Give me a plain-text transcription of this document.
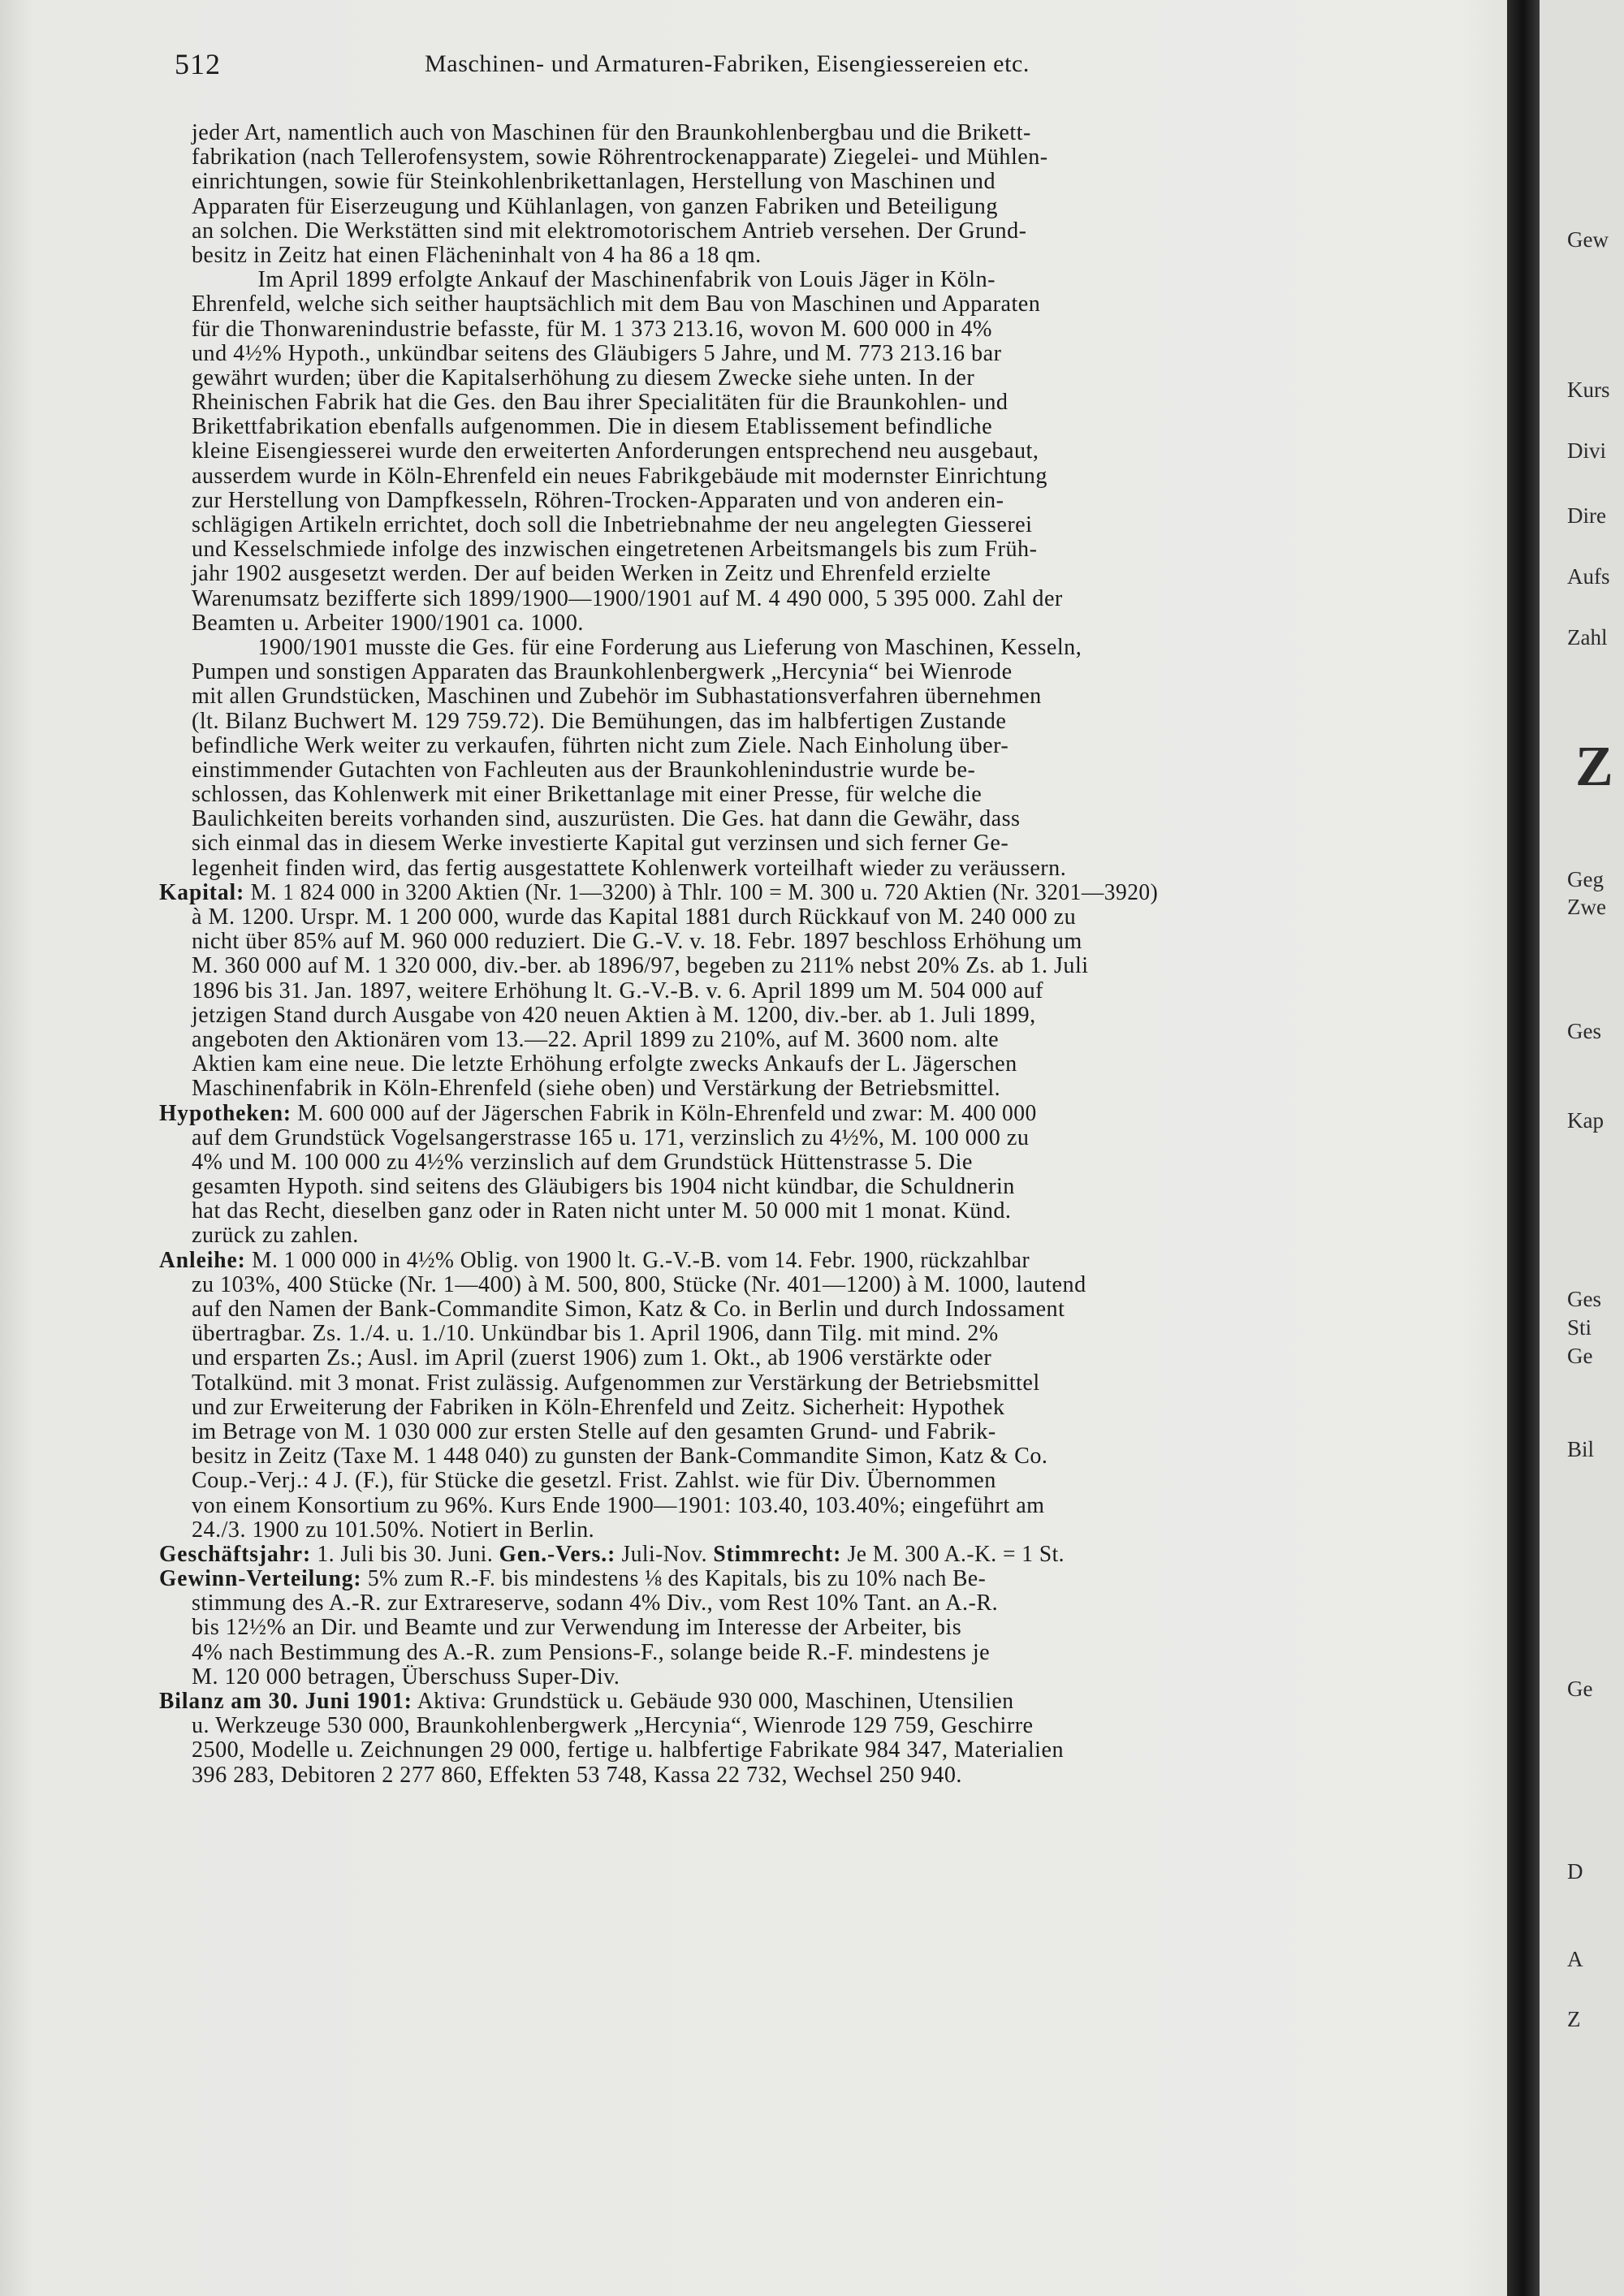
Gew
Kurs
Divi
Dire
Aufs
Zahl
Z
Geg
Zwe
Ges
Kap
Ges
Sti
Ge
Bil
Ge
D
A
Z
512	Maschinen- und Armaturen-Fabriken, Eisengiessereien etc.
jeder Art, namentlich auch von Maschinen für den Braunkohlenbergbau und die Brikett-
fabrikation (nach Tellerofensystem, sowie Röhrentrockenapparate) Ziegelei- und Mühlen-
einrichtungen, sowie für Steinkohlenbrikettanlagen, Herstellung von Maschinen und
Apparaten für Eiserzeugung und Kühlanlagen, von ganzen Fabriken und Beteiligung
an solchen. Die Werkstätten sind mit elektromotorischem Antrieb versehen. Der Grund-
besitz in Zeitz hat einen Flächeninhalt von 4 ha 86 a 18 qm.
Im April 1899 erfolgte Ankauf der Maschinenfabrik von Louis Jäger in Köln-
Ehrenfeld, welche sich seither hauptsächlich mit dem Bau von Maschinen und Apparaten
für die Thonwarenindustrie befasste, für M. 1 373 213.16, wovon M. 600 000 in 4%
und 4½% Hypoth., unkündbar seitens des Gläubigers 5 Jahre, und M. 773 213.16 bar
gewährt wurden; über die Kapitalserhöhung zu diesem Zwecke siehe unten. In der
Rheinischen Fabrik hat die Ges. den Bau ihrer Specialitäten für die Braunkohlen- und
Brikettfabrikation ebenfalls aufgenommen. Die in diesem Etablissement befindliche
kleine Eisengiesserei wurde den erweiterten Anforderungen entsprechend neu ausgebaut,
ausserdem wurde in Köln-Ehrenfeld ein neues Fabrikgebäude mit modernster Einrichtung
zur Herstellung von Dampfkesseln, Röhren-Trocken-Apparaten und von anderen ein-
schlägigen Artikeln errichtet, doch soll die Inbetriebnahme der neu angelegten Giesserei
und Kesselschmiede infolge des inzwischen eingetretenen Arbeitsmangels bis zum Früh-
jahr 1902 ausgesetzt werden. Der auf beiden Werken in Zeitz und Ehrenfeld erzielte
Warenumsatz bezifferte sich 1899/1900—1900/1901 auf M. 4 490 000, 5 395 000. Zahl der
Beamten u. Arbeiter 1900/1901 ca. 1000.
1900/1901 musste die Ges. für eine Forderung aus Lieferung von Maschinen, Kesseln,
Pumpen und sonstigen Apparaten das Braunkohlenbergwerk „Hercynia“ bei Wienrode
mit allen Grundstücken, Maschinen und Zubehör im Subhastationsverfahren übernehmen
(lt. Bilanz Buchwert M. 129 759.72). Die Bemühungen, das im halbfertigen Zustande
befindliche Werk weiter zu verkaufen, führten nicht zum Ziele. Nach Einholung über-
einstimmender Gutachten von Fachleuten aus der Braunkohlenindustrie wurde be-
schlossen, das Kohlenwerk mit einer Brikettanlage mit einer Presse, für welche die
Baulichkeiten bereits vorhanden sind, auszurüsten. Die Ges. hat dann die Gewähr, dass
sich einmal das in diesem Werke investierte Kapital gut verzinsen und sich ferner Ge-
legenheit finden wird, das fertig ausgestattete Kohlenwerk vorteilhaft wieder zu veräussern.
Kapital: M. 1 824 000 in 3200 Aktien (Nr. 1—3200) à Thlr. 100 = M. 300 u. 720 Aktien (Nr. 3201—3920)
à M. 1200. Urspr. M. 1 200 000, wurde das Kapital 1881 durch Rückkauf von M. 240 000 zu
nicht über 85% auf M. 960 000 reduziert. Die G.-V. v. 18. Febr. 1897 beschloss Erhöhung um
M. 360 000 auf M. 1 320 000, div.-ber. ab 1896/97, begeben zu 211% nebst 20% Zs. ab 1. Juli
1896 bis 31. Jan. 1897, weitere Erhöhung lt. G.-V.-B. v. 6. April 1899 um M. 504 000 auf
jetzigen Stand durch Ausgabe von 420 neuen Aktien à M. 1200, div.-ber. ab 1. Juli 1899,
angeboten den Aktionären vom 13.—22. April 1899 zu 210%, auf M. 3600 nom. alte
Aktien kam eine neue. Die letzte Erhöhung erfolgte zwecks Ankaufs der L. Jägerschen
Maschinenfabrik in Köln-Ehrenfeld (siehe oben) und Verstärkung der Betriebsmittel.
Hypotheken: M. 600 000 auf der Jägerschen Fabrik in Köln-Ehrenfeld und zwar: M. 400 000
auf dem Grundstück Vogelsangerstrasse 165 u. 171, verzinslich zu 4½%, M. 100 000 zu
4% und M. 100 000 zu 4½% verzinslich auf dem Grundstück Hüttenstrasse 5. Die
gesamten Hypoth. sind seitens des Gläubigers bis 1904 nicht kündbar, die Schuldnerin
hat das Recht, dieselben ganz oder in Raten nicht unter M. 50 000 mit 1 monat. Künd.
zurück zu zahlen.
Anleihe: M. 1 000 000 in 4½% Oblig. von 1900 lt. G.-V.-B. vom 14. Febr. 1900, rückzahlbar
zu 103%, 400 Stücke (Nr. 1—400) à M. 500, 800, Stücke (Nr. 401—1200) à M. 1000, lautend
auf den Namen der Bank-Commandite Simon, Katz & Co. in Berlin und durch Indossament
übertragbar. Zs. 1./4. u. 1./10. Unkündbar bis 1. April 1906, dann Tilg. mit mind. 2%
und ersparten Zs.; Ausl. im April (zuerst 1906) zum 1. Okt., ab 1906 verstärkte oder
Totalkünd. mit 3 monat. Frist zulässig. Aufgenommen zur Verstärkung der Betriebsmittel
und zur Erweiterung der Fabriken in Köln-Ehrenfeld und Zeitz. Sicherheit: Hypothek
im Betrage von M. 1 030 000 zur ersten Stelle auf den gesamten Grund- und Fabrik-
besitz in Zeitz (Taxe M. 1 448 040) zu gunsten der Bank-Commandite Simon, Katz & Co.
Coup.-Verj.: 4 J. (F.), für Stücke die gesetzl. Frist. Zahlst. wie für Div. Übernommen
von einem Konsortium zu 96%. Kurs Ende 1900—1901: 103.40, 103.40%; eingeführt am
24./3. 1900 zu 101.50%. Notiert in Berlin.
Geschäftsjahr: 1. Juli bis 30. Juni. Gen.-Vers.: Juli-Nov. Stimmrecht: Je M. 300 A.-K. = 1 St.
Gewinn-Verteilung: 5% zum R.-F. bis mindestens ⅛ des Kapitals, bis zu 10% nach Be-
stimmung des A.-R. zur Extrareserve, sodann 4% Div., vom Rest 10% Tant. an A.-R.
bis 12½% an Dir. und Beamte und zur Verwendung im Interesse der Arbeiter, bis
4% nach Bestimmung des A.-R. zum Pensions-F., solange beide R.-F. mindestens je
M. 120 000 betragen, Überschuss Super-Div.
Bilanz am 30. Juni 1901: Aktiva: Grundstück u. Gebäude 930 000, Maschinen, Utensilien
u. Werkzeuge 530 000, Braunkohlenbergwerk „Hercynia“, Wienrode 129 759, Geschirre
2500, Modelle u. Zeichnungen 29 000, fertige u. halbfertige Fabrikate 984 347, Materialien
396 283, Debitoren 2 277 860, Effekten 53 748, Kassa 22 732, Wechsel 250 940.
